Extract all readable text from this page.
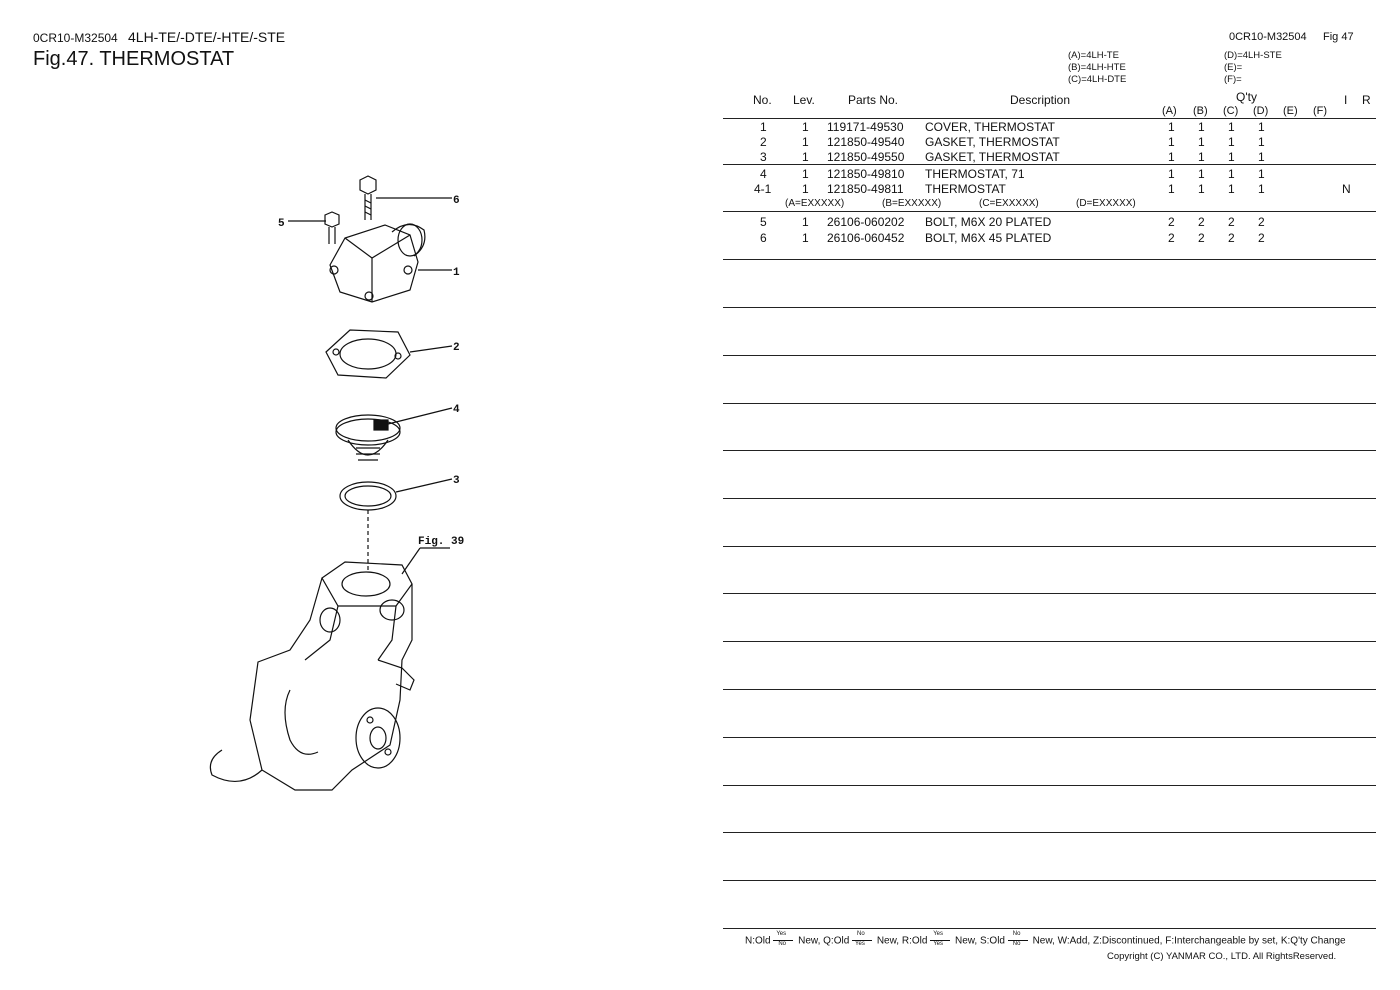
0CR10-M32504 4LH-TE/-DTE/-HTE/-STE
Fig.47. THERMOSTAT
6
5
1
2
4
3
Fig. 39
0CR10-M32504 Fig 47
(A)=4LH-TE
(B)=4LH-HTE
(C)=4LH-DTE
(D)=4LH-STE
(E)=
(F)=
No. Lev.	Parts No.	Description	Q'ty
(A) (B) (C) (D) (E) (F)
I R
1	1 119171-49530 COVER, THERMOSTAT	1 1 1 1
2	1 121850-49540 GASKET, THERMOSTAT	1 1 1 1
3	1 121850-49550 GASKET, THERMOSTAT	1 1 1 1
4	1 121850-49810 THERMOSTAT, 71	1 1 1 1
4-1	1 121850-49811 THERMOSTAT	1 1 1 1	N
(A=EXXXXX)	(B=EXXXXX)	(C=EXXXXX)	(D=EXXXXX)
5	1 26106-060202 BOLT, M6X 20 PLATED	2 2 2 2
6	1 26106-060452 BOLT, M6X 45 PLATED	2 2 2 2
N:Old
Yes
No New, Q:Old
No
Yes New, R:Old
Yes
Yes New, S:Old $\frac{No}{No}$ New, W:Add, Z:Discontinued, F:Interchangeable by set, K:Q'ty Change
Copyright (C) YANMAR CO., LTD. All RightsReserved.
